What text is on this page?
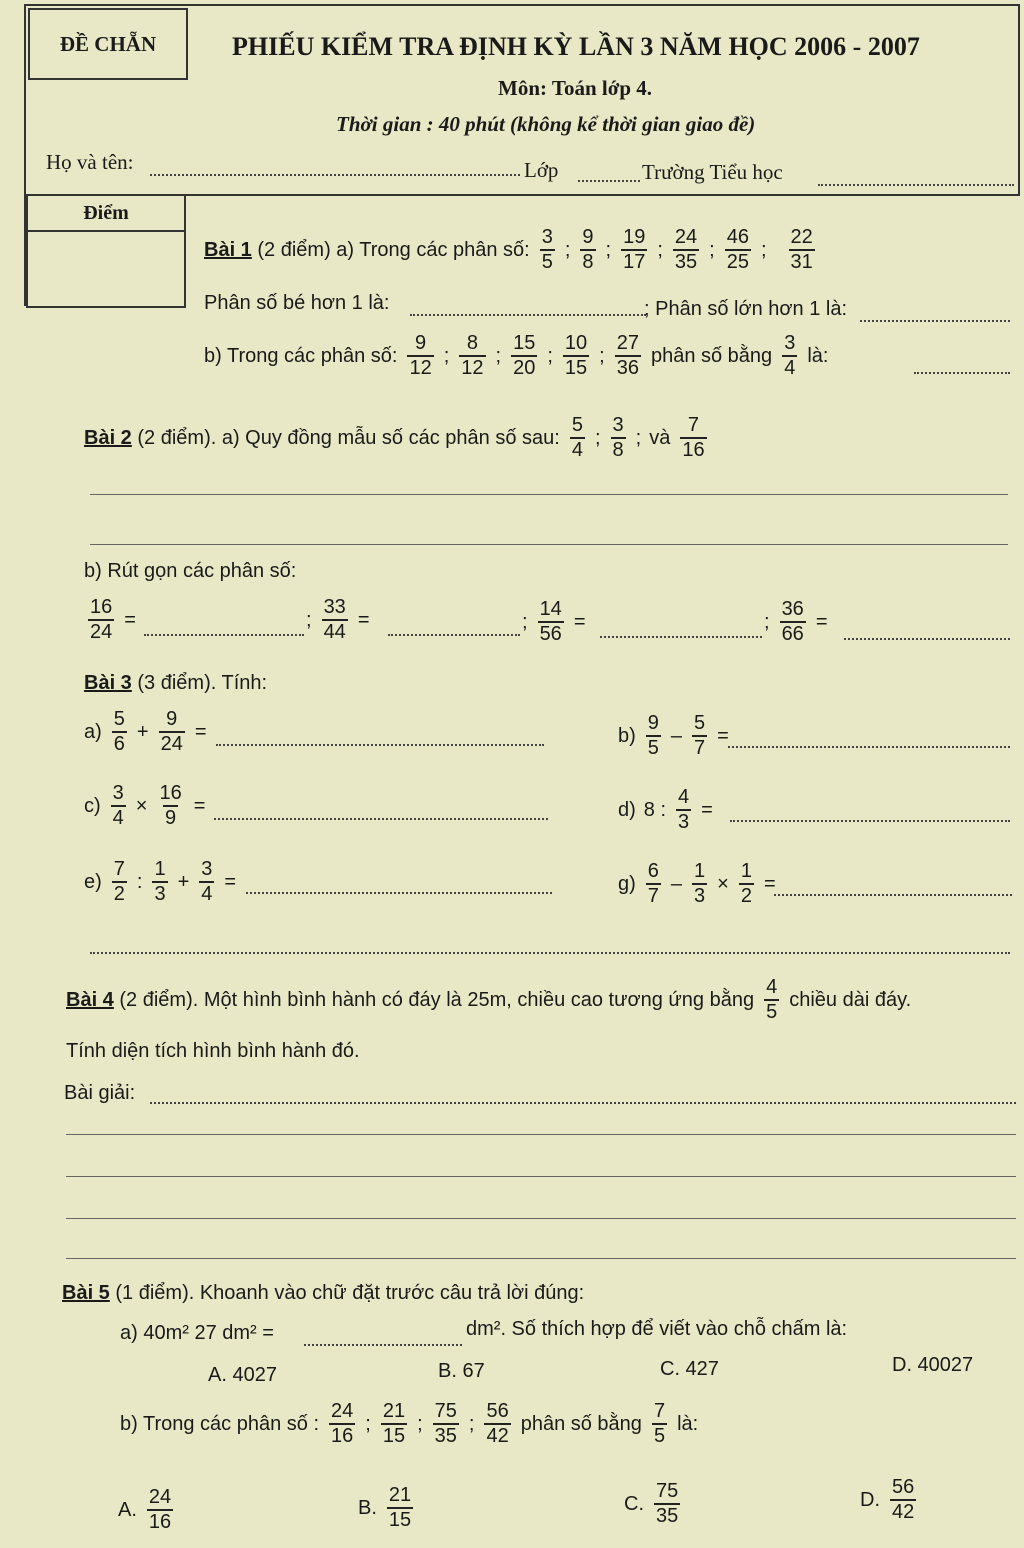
ĐỀ CHẴN	PHIẾU KIỂM TRA ĐỊNH KỲ LẦN 3 NĂM HỌC 2006 - 2007
Môn: Toán lớp 4.
Thời gian : 40 phút (không kể thời gian giao đề)
Họ và tên:	Lớp	Trường Tiểu học
Điểm
Bài 1 (2 điểm) a) Trong các phân số: $\frac{3}{5}$ ; $\frac{9}{8}$ ; $\frac{19}{17}$ ; $\frac{24}{35}$ ; $\frac{46}{25}$ ; $\frac{22}{31}$
Phân số bé hơn 1 là:	; Phân số lớn hơn 1 là:
b) Trong các phân số: $\frac{9}{12}$ ; $\frac{8}{12}$ ; $\frac{15}{20}$ ; $\frac{10}{15}$ ; $\frac{27}{36}$ phân số bằng $\frac{3}{4}$ là:
Bài 2 (2 điểm). a) Quy đồng mẫu số các phân số sau: $\frac{5}{4}$ ; $\frac{3}{8}$ ; và $\frac{7}{16}$
b) Rút gọn các phân số:
$\frac{16}{24}$ =	; $\frac{33}{44}$ =	; $\frac{14}{56}$ =	; $\frac{36}{66}$ =
Bài 3 (3 điểm). Tính:
$a) \frac{5}{6} + \frac{9}{24}$ =	$b) \frac{9}{5} - \frac{5}{7}$ =
$c) \frac{3}{4} \times \frac{16}{9}$ =	d) 8 : $\frac{4}{3}$ =
$e) \frac{7}{2}$ : $\frac{1}{3} + \frac{3}{4}$ =	$g) \frac{6}{7} - \frac{1}{3} \times \frac{1}{2}$ =
Bài 4 (2 điểm). Một hình bình hành có đáy là 25m, chiều cao tương ứng bằng $\frac{4}{5}$ chiều dài đáy.
Tính diện tích hình bình hành đó.
Bài giải:
Bài 5 (1 điểm). Khoanh vào chữ đặt trước câu trả lời đúng:
a) 40m² 27 dm² =	dm². Số thích hợp để viết vào chỗ chấm là:
A. 4027	B. 67	C. 427	D. 40027
b) Trong các phân số : $\frac{24}{16}$ ; $\frac{21}{15}$ ; $\frac{75}{35}$ ; $\frac{56}{42}$ phân số bằng $\frac{7}{5}$ là:
A. $\frac{24}{16}$	B. $\frac{21}{15}$	C. $\frac{75}{35}$	D. $\frac{56}{42}$
